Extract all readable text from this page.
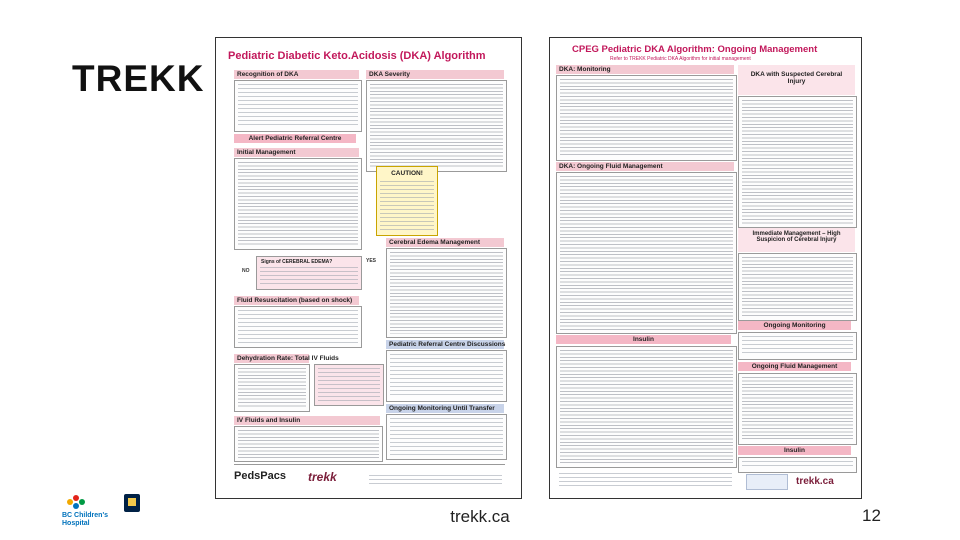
TREKK
Pediatric Diabetic Keto.Acidosis (DKA) Algorithm
Recognition of DKA	DKA Severity
Alert Pediatric Referral Centre
Initial Management
CAUTION!
Signs of CEREBRAL EDEMA?
NO
YES
Cerebral Edema Management
Fluid Resuscitation (based on shock)
Pediatric Referral Centre Discussions
Dehydration Rate: Total IV Fluids
Ongoing Monitoring Until Transfer
IV Fluids and Insulin
PedsPacs trekk
CPEG Pediatric DKA Algorithm: Ongoing Management
Refer to TREKK Pediatric DKA Algorithm for initial management
DKA: Monitoring
DKA with Suspected Cerebral Injury
DKA: Ongoing Fluid Management
Immediate Management – High Suspicion of Cerebral Injury
Ongoing Monitoring
Insulin
Ongoing Fluid Management
Insulin
trekk.ca
BC Children's Hospital	trekk.ca	12
